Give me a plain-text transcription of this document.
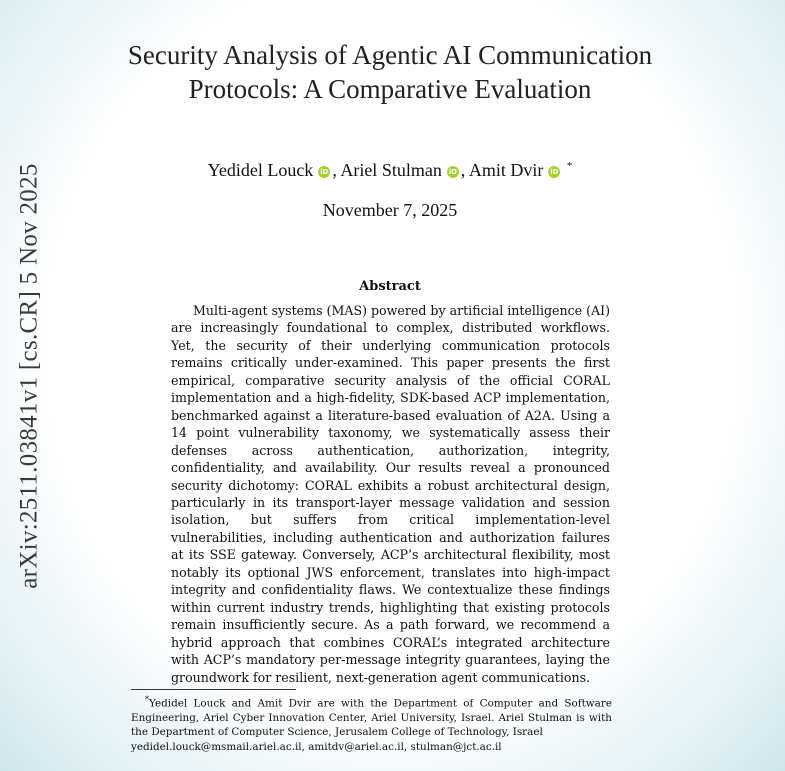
arXiv:2511.03841v1 [cs.CR] 5 Nov 2025
Security Analysis of Agentic AI Communication Protocols: A Comparative Evaluation
Yedidel Louck iD , Ariel Stulman iD , Amit Dvir iD *
November 7, 2025
Abstract

Multi-agent systems (MAS) powered by artificial intelligence (AI) are increasingly foundational to complex, distributed workflows. Yet, the security of their underlying communication protocols remains critically under-examined. This paper presents the first empirical, comparative security analysis of the official CORAL implementation and a high-fidelity, SDK-based ACP implementation, benchmarked against a literature-based evaluation of A2A. Using a 14 point vulnerability taxonomy, we systematically assess their defenses across authentication, authorization, integrity, confidentiality, and availability. Our results reveal a pronounced security dichotomy: CORAL exhibits a robust architectural design, particularly in its transport-layer message validation and session isolation, but suffers from critical implementation-level vulnerabilities, including authentication and authorization failures at its SSE gateway. Conversely, ACP’s architectural flexibility, most notably its optional JWS enforcement, translates into high-impact integrity and confidentiality flaws. We contextualize these findings within current industry trends, highlighting that existing protocols remain insufficiently secure. As a path forward, we recommend a hybrid approach that combines CORAL’s integrated architecture with ACP’s mandatory per-message integrity guarantees, laying the groundwork for resilient, next-generation agent communications.

*Yedidel Louck and Amit Dvir are with the Department of Computer and Software Engineering, Ariel Cyber Innovation Center, Ariel University, Israel. Ariel Stulman is with the Department of Computer Science, Jerusalem College of Technology, Israel
yedidel.louck@msmail.ariel.ac.il, amitdv@ariel.ac.il, stulman@jct.ac.il
